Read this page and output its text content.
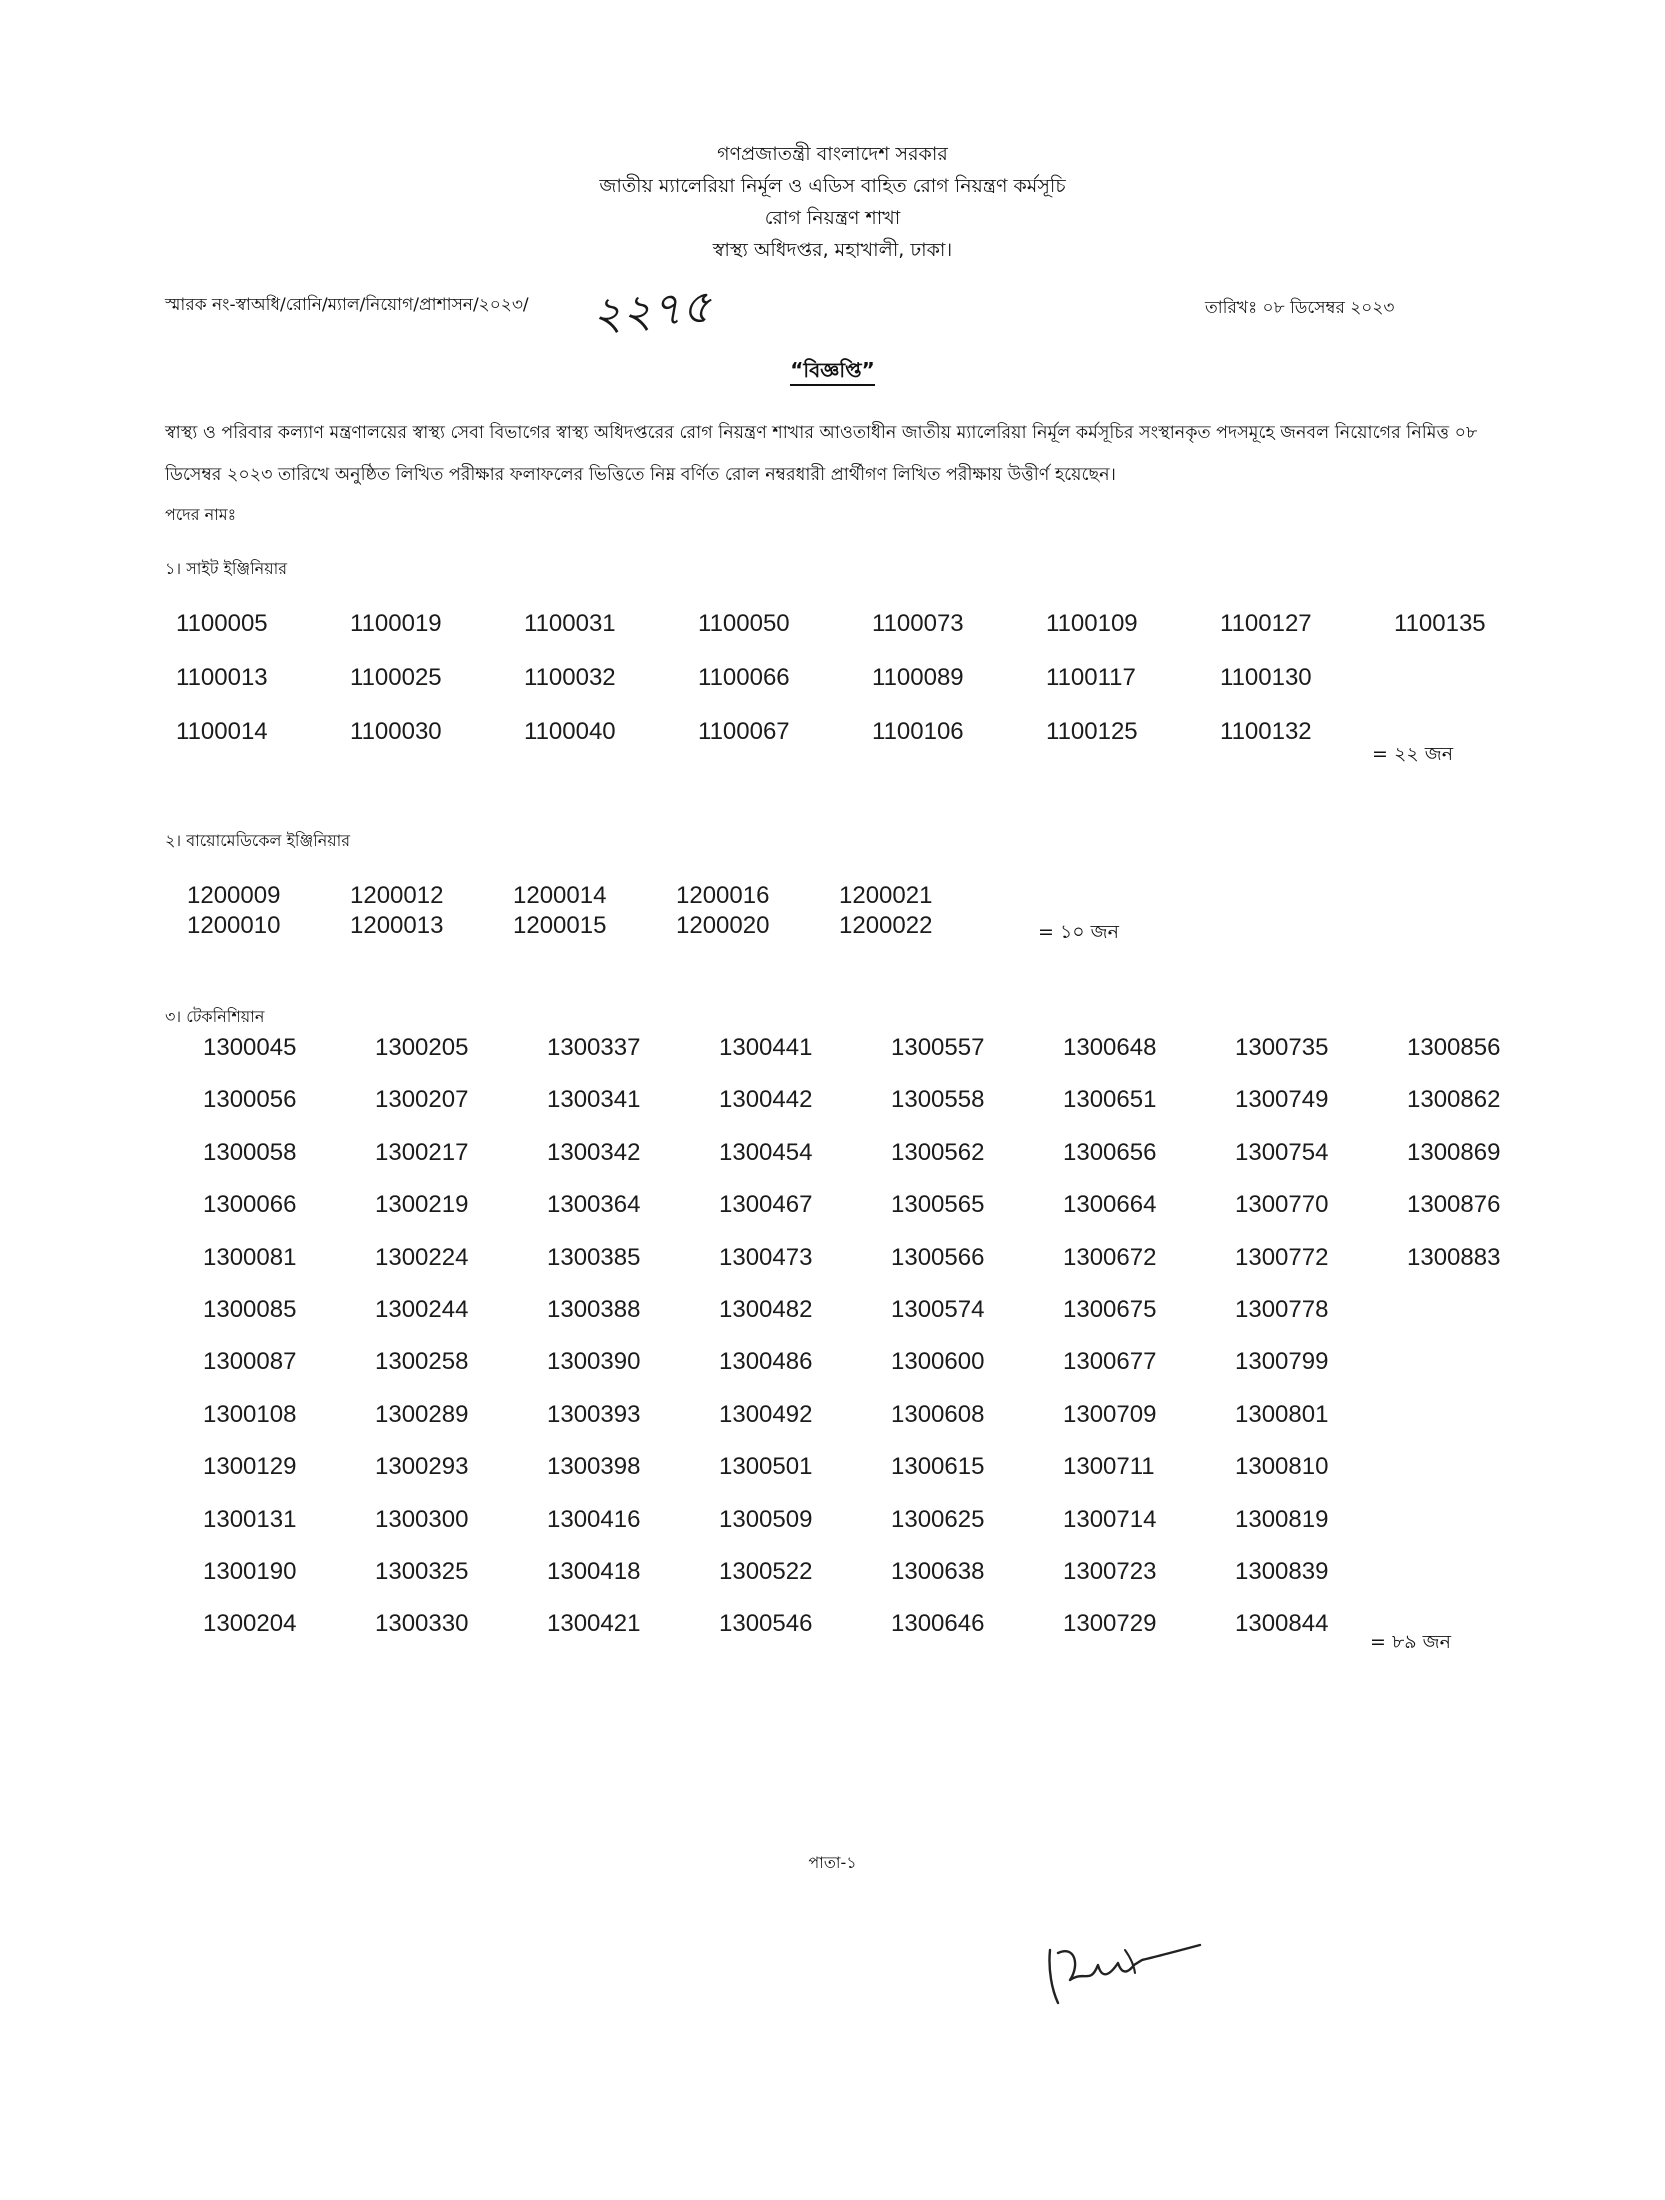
গণপ্রজাতন্ত্রী বাংলাদেশ সরকার
জাতীয় ম্যালেরিয়া নির্মূল ও এডিস বাহিত রোগ নিয়ন্ত্রণ কর্মসূচি
রোগ নিয়ন্ত্রণ শাখা
স্বাস্থ্য অধিদপ্তর, মহাখালী, ঢাকা।
স্মারক নং-স্বাঅধি/রোনি/ম্যাল/নিয়োগ/প্রাশাসন/২০২৩/ ২২৭৫	তারিখঃ ০৮ ডিসেম্বর ২০২৩
“বিজ্ঞপ্তি”
স্বাস্থ্য ও পরিবার কল্যাণ মন্ত্রণালয়ের স্বাস্থ্য সেবা বিভাগের স্বাস্থ্য অধিদপ্তরের রোগ নিয়ন্ত্রণ শাখার আওতাধীন জাতীয় ম্যালেরিয়া নির্মূল কর্মসূচির সংস্থানকৃত পদসমূহে জনবল নিয়োগের নিমিত্ত ০৮ ডিসেম্বর ২০২৩ তারিখে অনুষ্ঠিত লিখিত পরীক্ষার ফলাফলের ভিত্তিতে নিম্ন বর্ণিত রোল নম্বরধারী প্রার্থীগণ লিখিত পরীক্ষায় উত্তীর্ণ হয়েছেন।
পদের নামঃ
১। সাইট ইঞ্জিনিয়ার
1100005
1100013
1100014
1100019
1100025
1100030
1100031
1100032
1100040
1100050
1100066
1100067
1100073
1100089
1100106
1100109
1100117
1100125
1100127
1100130
1100132
1100135
= ২২ জন
২। বায়োমেডিকেল ইঞ্জিনিয়ার
1200009
1200010
1200012
1200013
1200014
1200015
1200016
1200020
1200021
1200022	= ১০ জন
৩। টেকনিশিয়ান
1300045
1300056
1300058
1300066
1300081
1300085
1300087
1300108
1300129
1300131
1300190
1300204
1300205
1300207
1300217
1300219
1300224
1300244
1300258
1300289
1300293
1300300
1300325
1300330
1300337
1300341
1300342
1300364
1300385
1300388
1300390
1300393
1300398
1300416
1300418
1300421
1300441
1300442
1300454
1300467
1300473
1300482
1300486
1300492
1300501
1300509
1300522
1300546
1300557
1300558
1300562
1300565
1300566
1300574
1300600
1300608
1300615
1300625
1300638
1300646
1300648
1300651
1300656
1300664
1300672
1300675
1300677
1300709
1300711
1300714
1300723
1300729
1300735
1300749
1300754
1300770
1300772
1300778
1300799
1300801
1300810
1300819
1300839
1300844
1300856
1300862
1300869
1300876
1300883
= ৮৯ জন
পাতা-১
